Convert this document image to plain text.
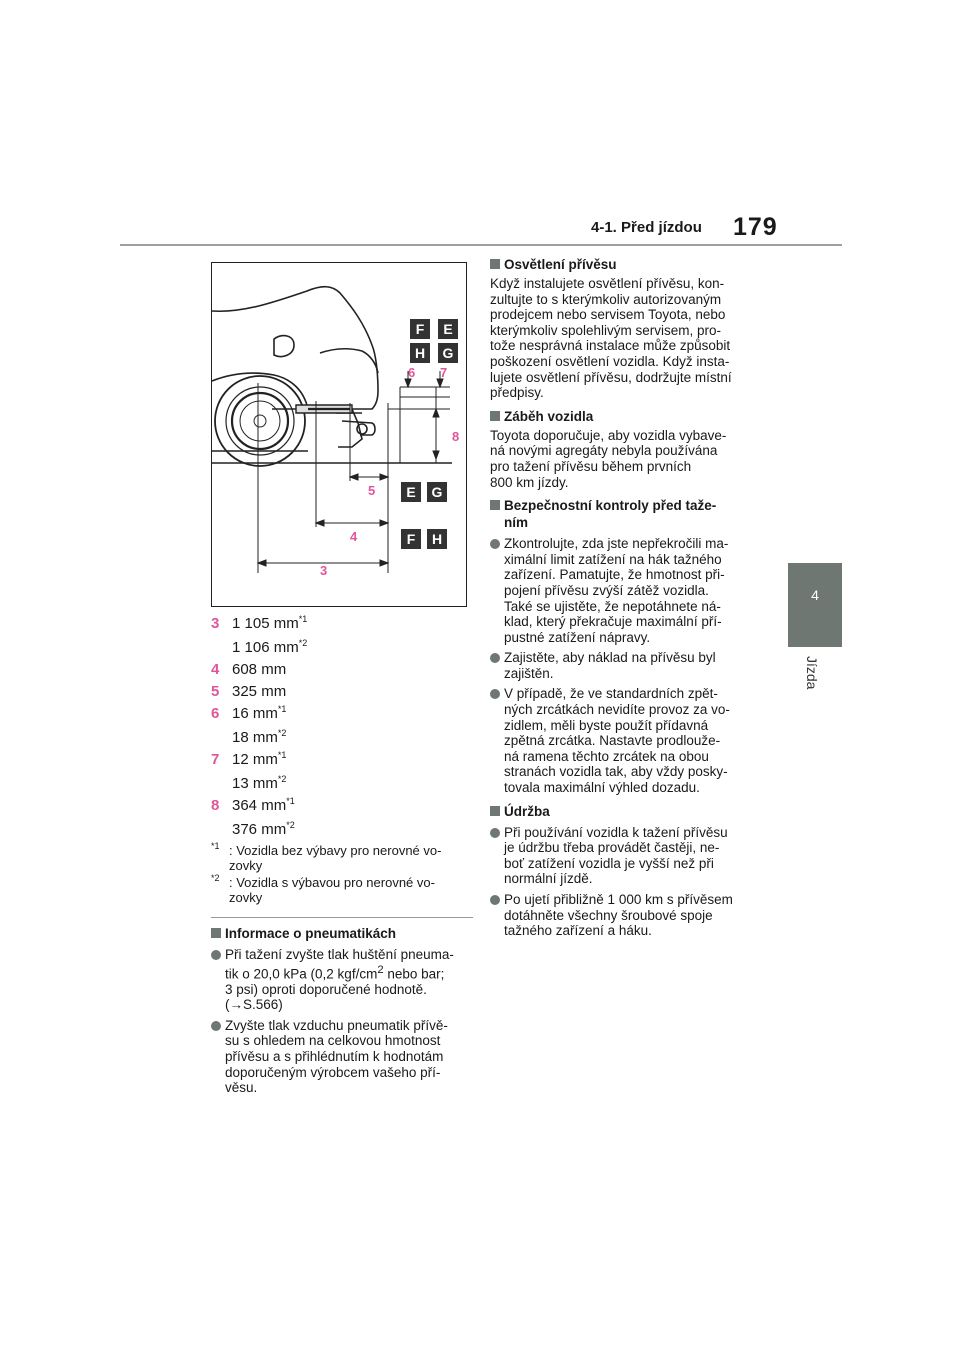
4-1. Před jízdou 179
4
Jízda
3
4
5
6 7
8
F E
H G
E G
F H
3 1 105 $mm^{*1}$
1 106 $mm^{*2}$
4 608 mm
5 325 mm
6 16 $mm^{*1}$
18 $mm^{*2}$
7 12 $mm^{*1}$
13 $mm^{*2}$
8 364 $mm^{*1}$
376 $mm^{*2}$
$^{*1}$ : Vozidla bez výbavy pro nerovné vo-
zovky
$^{*2}$ : Vozidla s výbavou pro nerovné vo-
zovky
Informace o pneumatikách
Při tažení zvyšte tlak huštění pneuma-
tik o 20,0 kPa (0,2 kgf/$cm^2$ nebo bar;
3 psi) oproti doporučené hodnotě.
(→S.566)
Zvyšte tlak vzduchu pneumatik přívě-
su s ohledem na celkovou hmotnost
přívěsu a s přihlédnutím k hodnotám
doporučeným výrobcem vašeho pří-
věsu.
Osvětlení přívěsu
Když instalujete osvětlení přívěsu, kon-
zultujte to s kterýmkoliv autorizovaným
prodejcem nebo servisem Toyota, nebo
kterýmkoliv spolehlivým servisem, pro-
tože nesprávná instalace může způsobit
poškození osvětlení vozidla. Když insta-
lujete osvětlení přívěsu, dodržujte místní
předpisy.
Záběh vozidla
Toyota doporučuje, aby vozidla vybave-
ná novými agregáty nebyla používána
pro tažení přívěsu během prvních
800 km jízdy.
Bezpečnostní kontroly před taže-
ním
Zkontrolujte, zda jste nepřekročili ma-
ximální limit zatížení na hák tažného
zařízení. Pamatujte, že hmotnost při-
pojení přívěsu zvýší zátěž vozidla.
Také se ujistěte, že nepotáhnete ná-
klad, který překračuje maximální pří-
pustné zatížení nápravy.
Zajistěte, aby náklad na přívěsu byl
zajištěn.
V případě, že ve standardních zpět-
ných zrcátkách nevidíte provoz za vo-
zidlem, měli byste použít přídavná
zpětná zrcátka. Nastavte prodlouže-
ná ramena těchto zrcátek na obou
stranách vozidla tak, aby vždy posky-
tovala maximální výhled dozadu.
Údržba
Při používání vozidla k tažení přívěsu
je údržbu třeba provádět častěji, ne-
boť zatížení vozidla je vyšší než při
normální jízdě.
Po ujetí přibližně 1 000 km s přívěsem
dotáhněte všechny šroubové spoje
tažného zařízení a háku.
